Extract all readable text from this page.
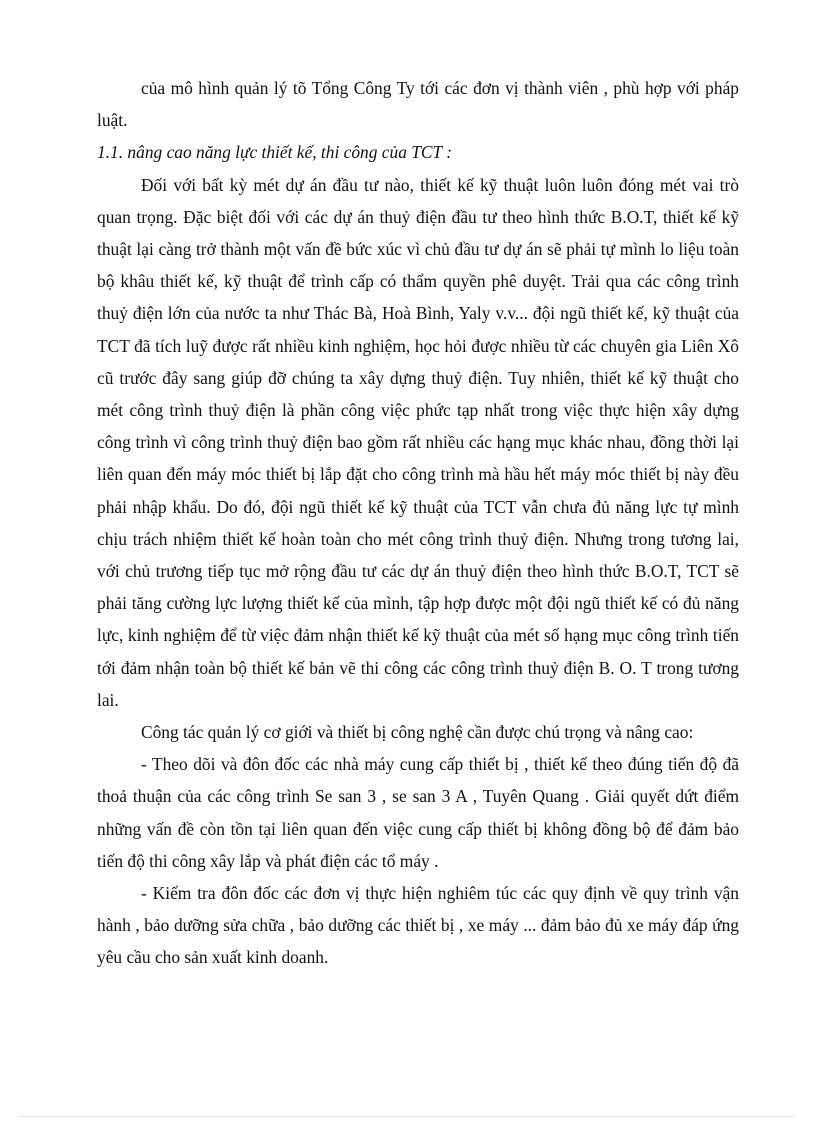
của mô hình quản lý tõ Tổng Công Ty tới các đơn vị thành viên , phù hợp với pháp luật.

1.1. nâng cao năng lực thiết kế, thi công của TCT :

Đối với bất kỳ mét dự án đầu tư nào, thiết kế kỹ thuật luôn luôn đóng mét vai trò quan trọng. Đặc biệt đối với các dự án thuỷ điện đầu tư theo hình thức B.O.T, thiết kế kỹ thuật lại càng trở thành một vấn đề bức xúc vì chủ đầu tư dự án sẽ phải tự mình lo liệu toàn bộ khâu thiết kế, kỹ thuật để trình cấp có thẩm quyền phê duyệt. Trải qua các công trình thuỷ điện lớn của nước ta như Thác Bà, Hoà Bình, Yaly v.v... đội ngũ thiết kế, kỹ thuật của TCT đã tích luỹ được rất nhiều kinh nghiệm, học hỏi được nhiều từ các chuyên gia Liên Xô cũ trước đây sang giúp đỡ chúng ta xây dựng thuỷ điện. Tuy nhiên, thiết kế kỹ thuật cho mét công trình thuỷ điện là phần công việc phức tạp nhất trong việc thực hiện xây dựng công trình vì công trình thuỷ điện bao gồm rất nhiều các hạng mục khác nhau, đồng thời lại liên quan đến máy móc thiết bị lắp đặt cho công trình mà hầu hết máy móc thiết bị này đều phải nhập khẩu. Do đó, đội ngũ thiết kế kỹ thuật của TCT vẫn chưa đủ năng lực tự mình chịu trách nhiệm thiết kế hoàn toàn cho mét công trình thuỷ điện. Nhưng trong tương lai, với chủ trương tiếp tục mở rộng đầu tư các dự án thuỷ điện theo hình thức B.O.T, TCT sẽ phải tăng cường lực lượng thiết kế của mình, tập hợp được một đội ngũ thiết kế có đủ năng lực, kinh nghiệm để từ việc đảm nhận thiết kế kỹ thuật của mét số hạng mục công trình tiến tới đảm nhận toàn bộ thiết kế bản vẽ thi công các công trình thuỷ điện B. O. T trong tương lai.

Công tác quản lý cơ giới và thiết bị công nghệ cần được chú trọng và nâng cao:

- Theo dõi và đôn đốc các nhà máy cung cấp thiết bị , thiết kế theo đúng tiến độ đã thoả thuận của các công trình Se san 3 , se san 3 A , Tuyên Quang . Giải quyết dứt điểm những vấn đề còn tồn tại liên quan đến việc cung cấp thiết bị không đồng bộ để đảm bảo tiến độ thi công xây lắp và phát điện các tổ máy .

- Kiểm tra đôn đốc các đơn vị thực hiện nghiêm túc các quy định về quy trình vận hành , bảo dưỡng sửa chữa , bảo dưỡng các thiết bị , xe máy ... đảm bảo đủ xe máy đáp ứng yêu cầu cho sản xuất kinh doanh.
